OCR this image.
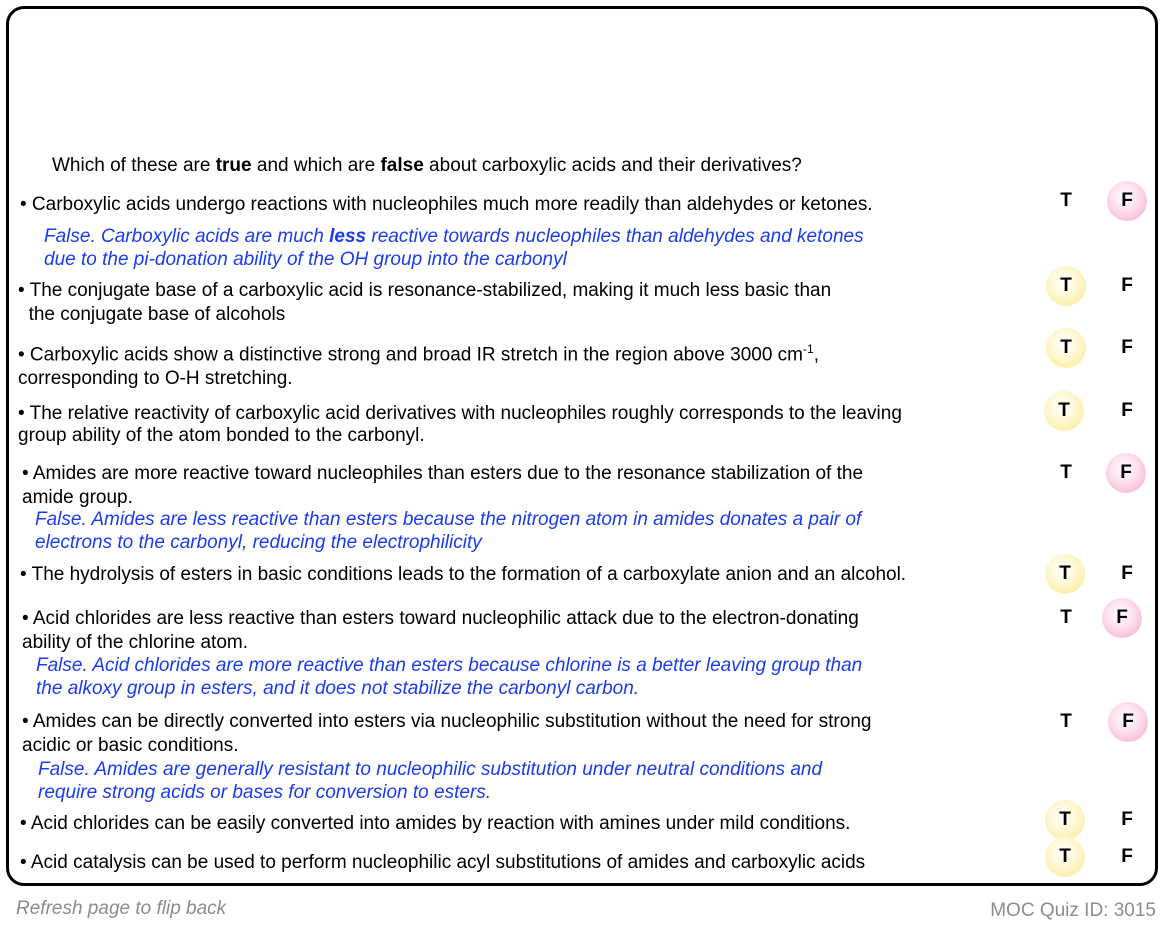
Which of these are true and which are false about carboxylic acids and their derivatives?
• Carboxylic acids undergo reactions with nucleophiles much more readily than aldehydes or ketones.
False. Carboxylic acids are much less reactive towards nucleophiles than aldehydes and ketones
due to the pi-donation ability of the OH group into the carbonyl
T	F
• The conjugate base of a carboxylic acid is resonance-stabilized, making it much less basic than
the conjugate base of alcohols
T	F
• Carboxylic acids show a distinctive strong and broad IR stretch in the region above 3000 $cm^{-1}$,
corresponding to O-H stretching.
T	F
• The relative reactivity of carboxylic acid derivatives with nucleophiles roughly corresponds to the leaving
group ability of the atom bonded to the carbonyl.
T	F
• Amides are more reactive toward nucleophiles than esters due to the resonance stabilization of the
amide group.
False. Amides are less reactive than esters because the nitrogen atom in amides donates a pair of
electrons to the carbonyl, reducing the electrophilicity
T	F
• The hydrolysis of esters in basic conditions leads to the formation of a carboxylate anion and an alcohol.	T	F
• Acid chlorides are less reactive than esters toward nucleophilic attack due to the electron-donating
ability of the chlorine atom.
False. Acid chlorides are more reactive than esters because chlorine is a better leaving group than
the alkoxy group in esters, and it does not stabilize the carbonyl carbon.
T	F
• Amides can be directly converted into esters via nucleophilic substitution without the need for strong
acidic or basic conditions.
False. Amides are generally resistant to nucleophilic substitution under neutral conditions and
require strong acids or bases for conversion to esters.
T	F
• Acid chlorides can be easily converted into amides by reaction with amines under mild conditions.	T	F
• Acid catalysis can be used to perform nucleophilic acyl substitutions of amides and carboxylic acids	T	F
Refresh page to flip back	MOC Quiz ID: 3015
